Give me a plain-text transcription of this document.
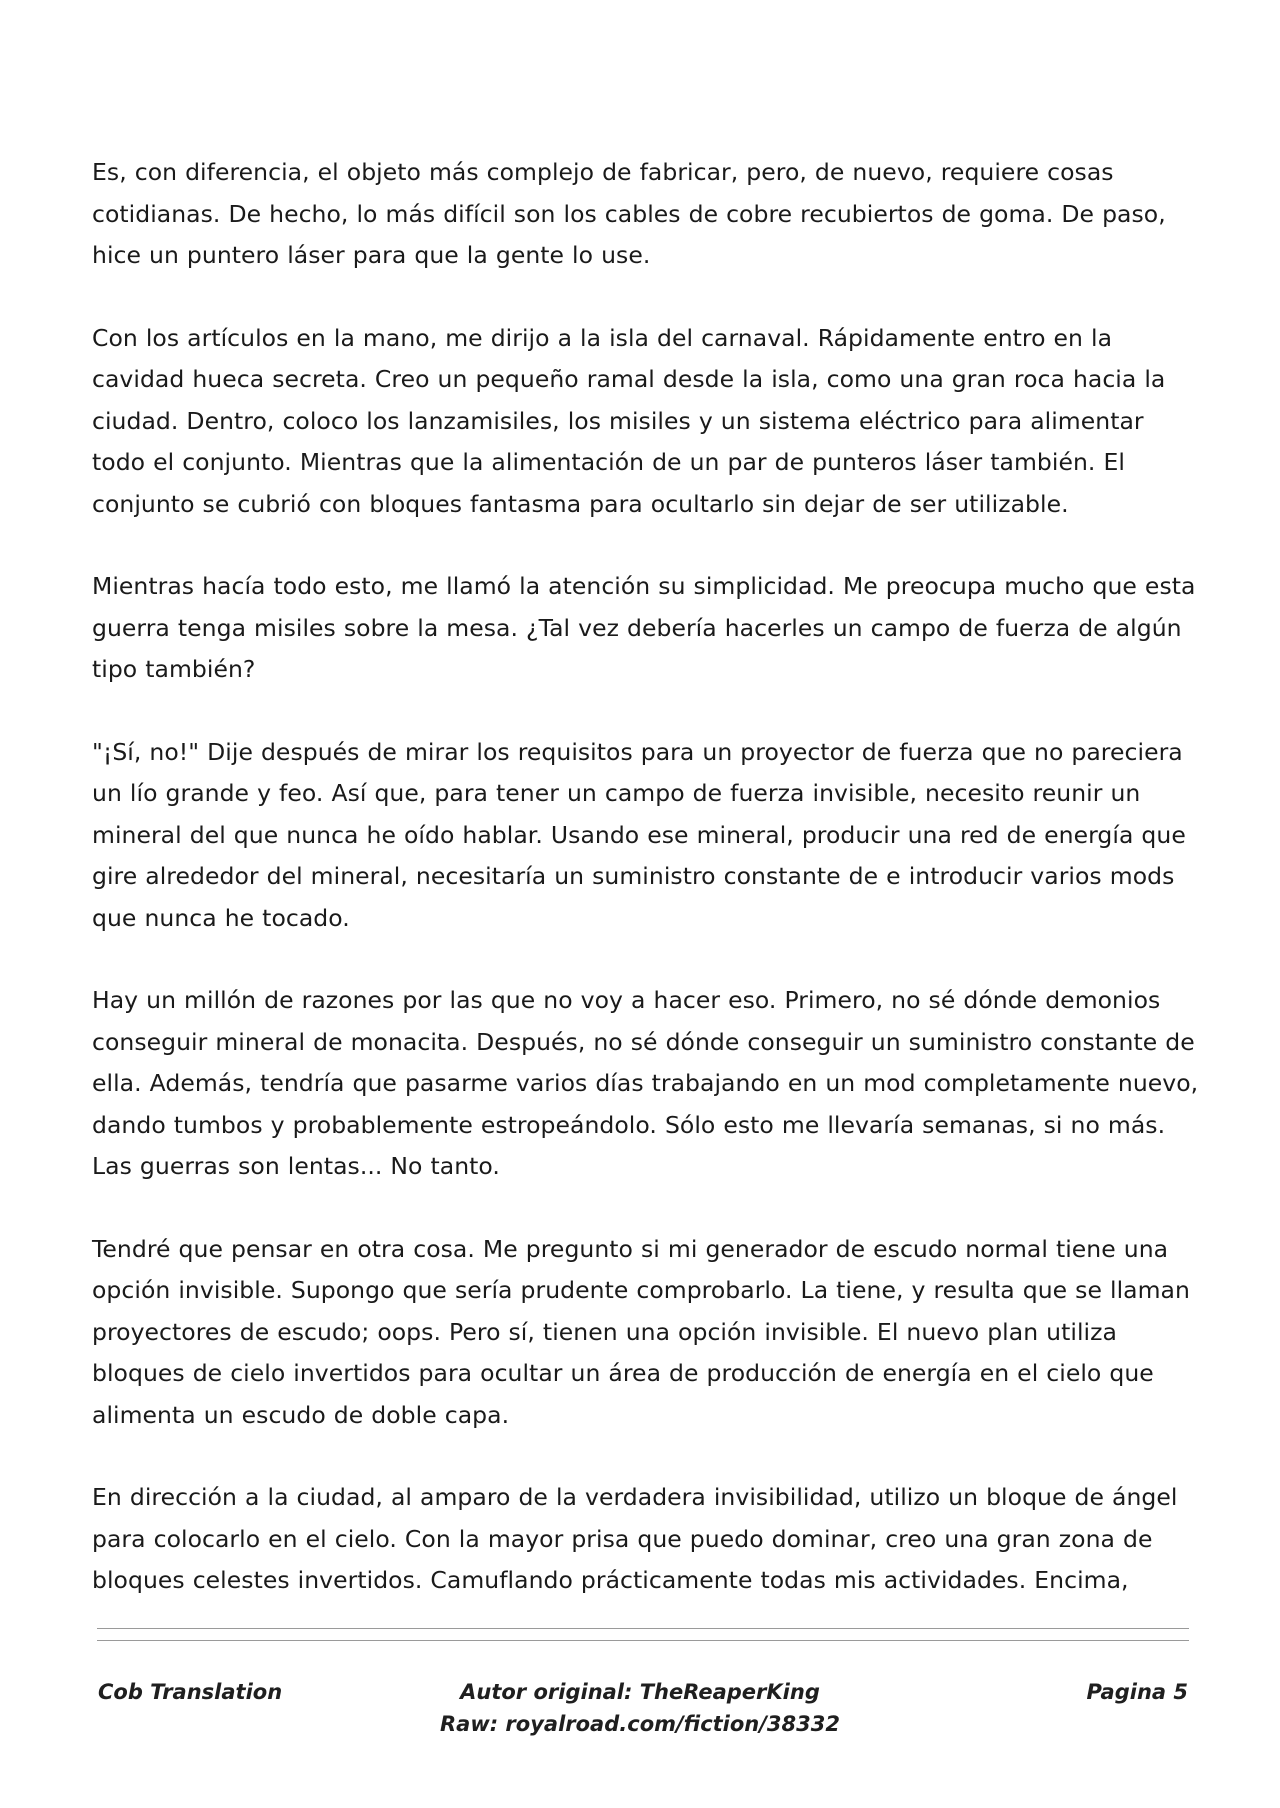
Es, con diferencia, el objeto más complejo de fabricar, pero, de nuevo, requiere cosas cotidianas. De hecho, lo más difícil son los cables de cobre recubiertos de goma. De paso, hice un puntero láser para que la gente lo use.

Con los artículos en la mano, me dirijo a la isla del carnaval. Rápidamente entro en la cavidad hueca secreta. Creo un pequeño ramal desde la isla, como una gran roca hacia la ciudad. Dentro, coloco los lanzamisiles, los misiles y un sistema eléctrico para alimentar todo el conjunto. Mientras que la alimentación de un par de punteros láser también. El conjunto se cubrió con bloques fantasma para ocultarlo sin dejar de ser utilizable.

Mientras hacía todo esto, me llamó la atención su simplicidad. Me preocupa mucho que esta guerra tenga misiles sobre la mesa. ¿Tal vez debería hacerles un campo de fuerza de algún tipo también?

"¡Sí, no!" Dije después de mirar los requisitos para un proyector de fuerza que no pareciera un lío grande y feo. Así que, para tener un campo de fuerza invisible, necesito reunir un mineral del que nunca he oído hablar. Usando ese mineral, producir una red de energía que gire alrededor del mineral, necesitaría un suministro constante de e introducir varios mods que nunca he tocado.

Hay un millón de razones por las que no voy a hacer eso. Primero, no sé dónde demonios conseguir mineral de monacita. Después, no sé dónde conseguir un suministro constante de ella. Además, tendría que pasarme varios días trabajando en un mod completamente nuevo, dando tumbos y probablemente estropeándolo. Sólo esto me llevaría semanas, si no más. Las guerras son lentas... No tanto.

Tendré que pensar en otra cosa. Me pregunto si mi generador de escudo normal tiene una opción invisible. Supongo que sería prudente comprobarlo. La tiene, y resulta que se llaman proyectores de escudo; oops. Pero sí, tienen una opción invisible. El nuevo plan utiliza bloques de cielo invertidos para ocultar un área de producción de energía en el cielo que alimenta un escudo de doble capa.

En dirección a la ciudad, al amparo de la verdadera invisibilidad, utilizo un bloque de ángel para colocarlo en el cielo. Con la mayor prisa que puedo dominar, creo una gran zona de bloques celestes invertidos. Camuflando prácticamente todas mis actividades. Encima,

Cob Translation	Autor original: TheReaperKing
Raw: royalroad.com/fiction/38332
Pagina 5
